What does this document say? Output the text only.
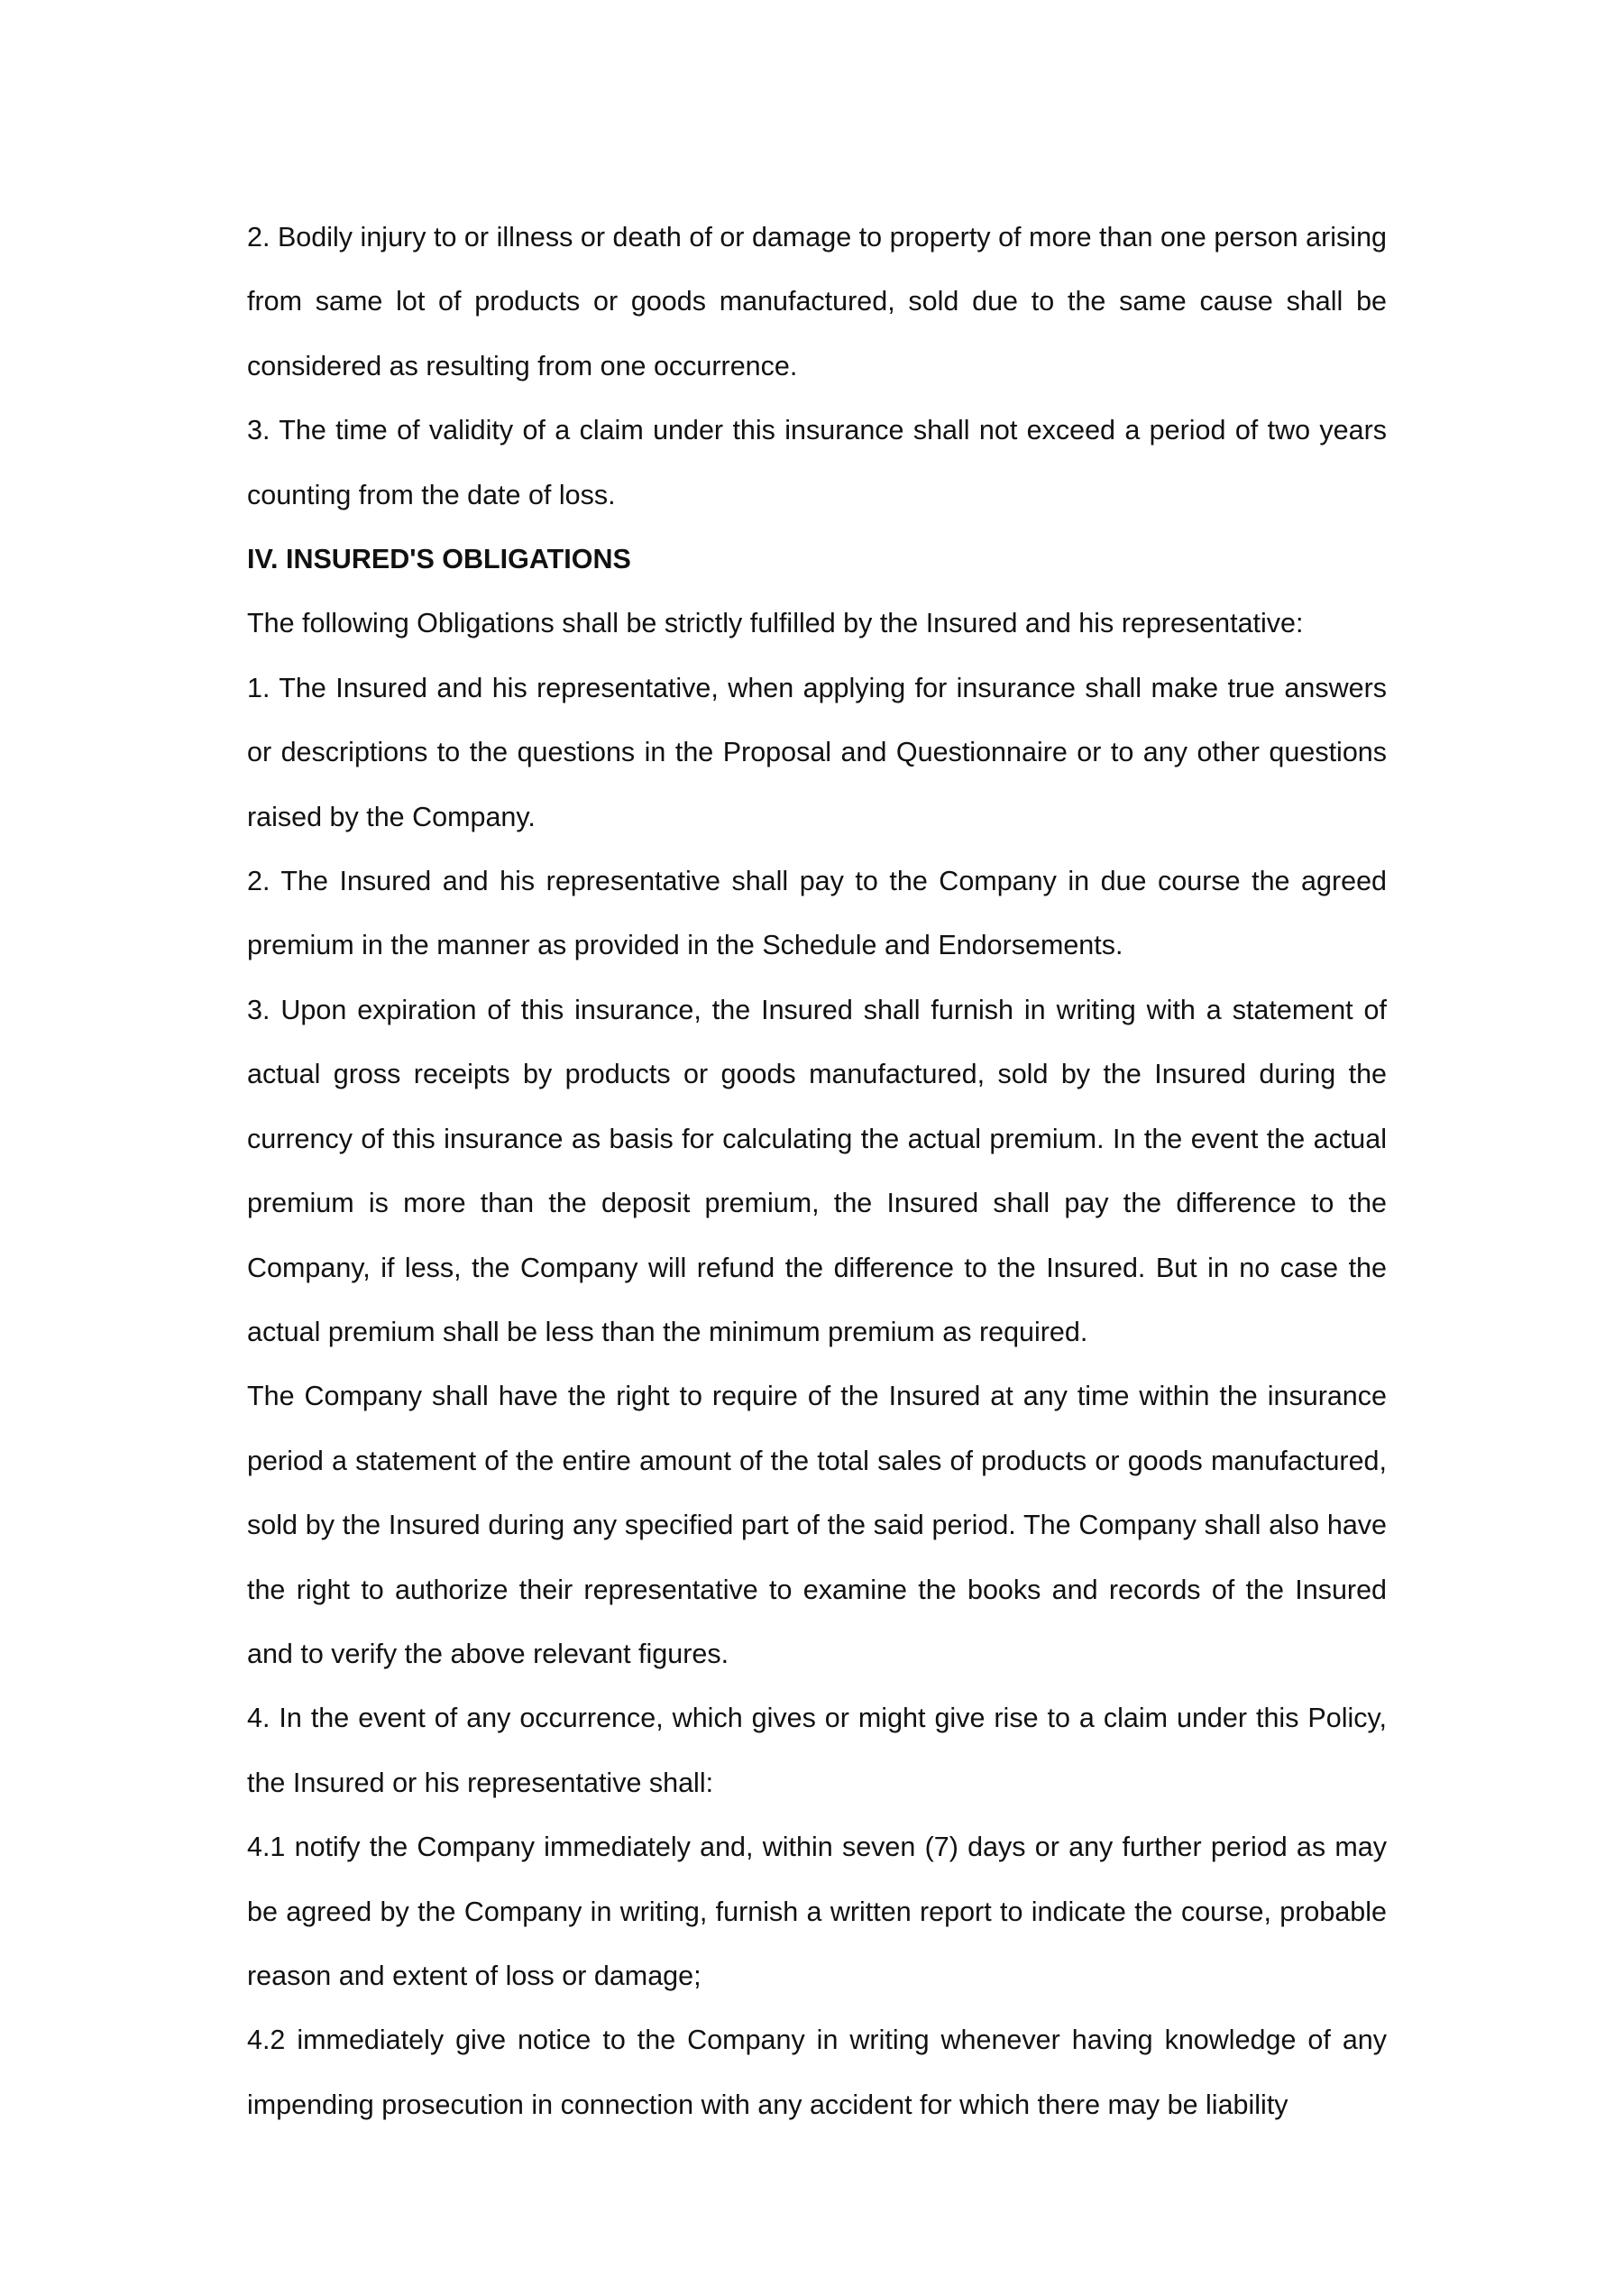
2. Bodily injury to or illness or death of or damage to property of more than one person arising from same lot of products or goods manufactured, sold due to the same cause shall be considered as resulting from one occurrence.

3. The time of validity of a claim under this insurance shall not exceed a period of two years counting from the date of loss.

IV. INSURED'S OBLIGATIONS

The following Obligations shall be strictly fulfilled by the Insured and his representative:

1. The Insured and his representative, when applying for insurance shall make true answers or descriptions to the questions in the Proposal and Questionnaire or to any other questions raised by the Company.

2. The Insured and his representative shall pay to the Company in due course the agreed premium in the manner as provided in the Schedule and Endorsements.

3. Upon expiration of this insurance, the Insured shall furnish in writing with a statement of actual gross receipts by products or goods manufactured, sold by the Insured during the currency of this insurance as basis for calculating the actual premium. In the event the actual premium is more than the deposit premium, the Insured shall pay the difference to the Company, if less, the Company will refund the difference to the Insured. But in no case the actual premium shall be less than the minimum premium as required.

The Company shall have the right to require of the Insured at any time within the insurance period a statement of the entire amount of the total sales of products or goods manufactured, sold by the Insured during any specified part of the said period. The Company shall also have the right to authorize their representative to examine the books and records of the Insured and to verify the above relevant figures.

4. In the event of any occurrence, which gives or might give rise to a claim under this Policy, the Insured or his representative shall:

4.1 notify the Company immediately and, within seven (7) days or any further period as may be agreed by the Company in writing, furnish a written report to indicate the course, probable reason and extent of loss or damage;

4.2 immediately give notice to the Company in writing whenever having knowledge of any impending prosecution in connection with any accident for which there may be liability
